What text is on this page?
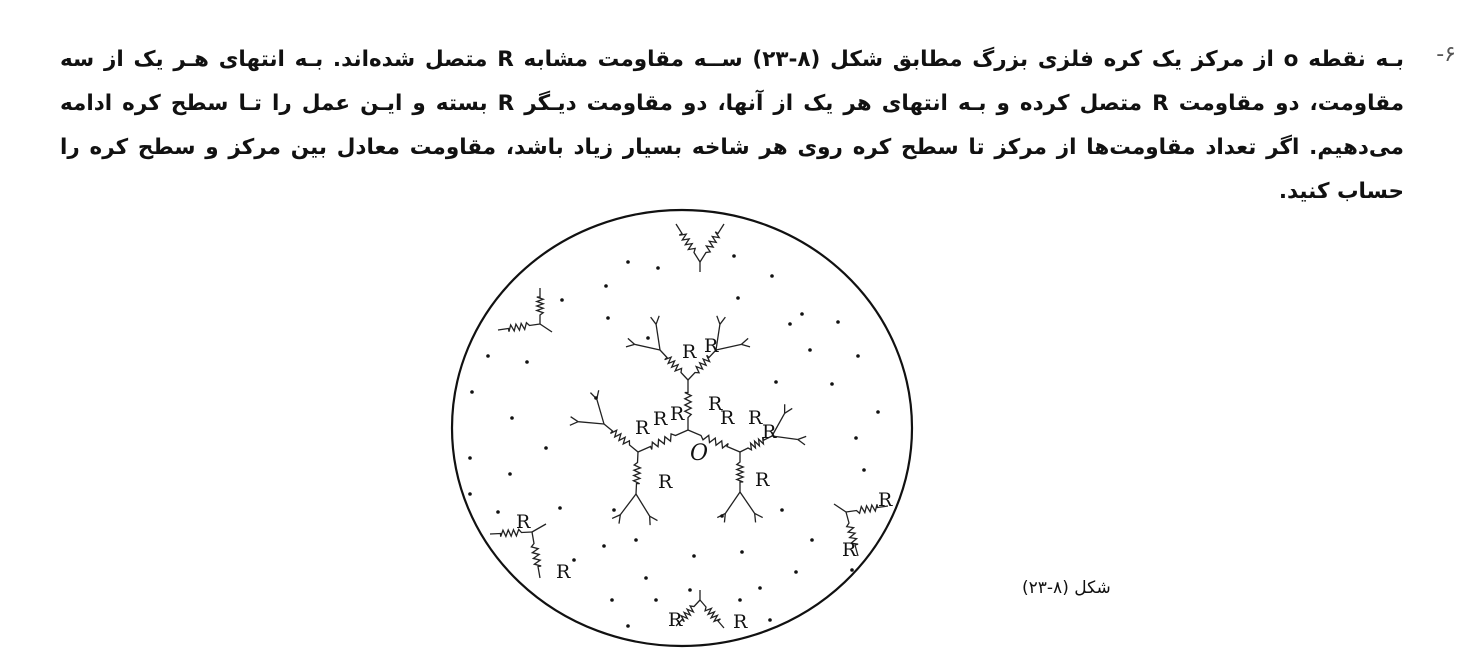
بـه نقطه o از مرکز یک کره فلزی بزرگ مطابق شکل (۸-۲۳) ســه مقاومت مشابه R متصل شده‌اند. بـه انتهای هـر یک از سه مقاومت، دو مقاومت R متصل کرده و بـه انتهای هر یک از آنها، دو مقاومت دیـگر R بسته و ایـن عمل را تـا سطح کره ادامه می‌دهیم. اگر تعداد مقاومت‌ها از مرکز تا سطح کره روی هر شاخه بسیار زیاد باشد، مقاومت معادل بین مرکز و سطح کره را حساب کنید.
-۶
O
R R
R
R R
R
R R R
R	R
R
R
R
R
R	R
شکل (۸-۲۳)
